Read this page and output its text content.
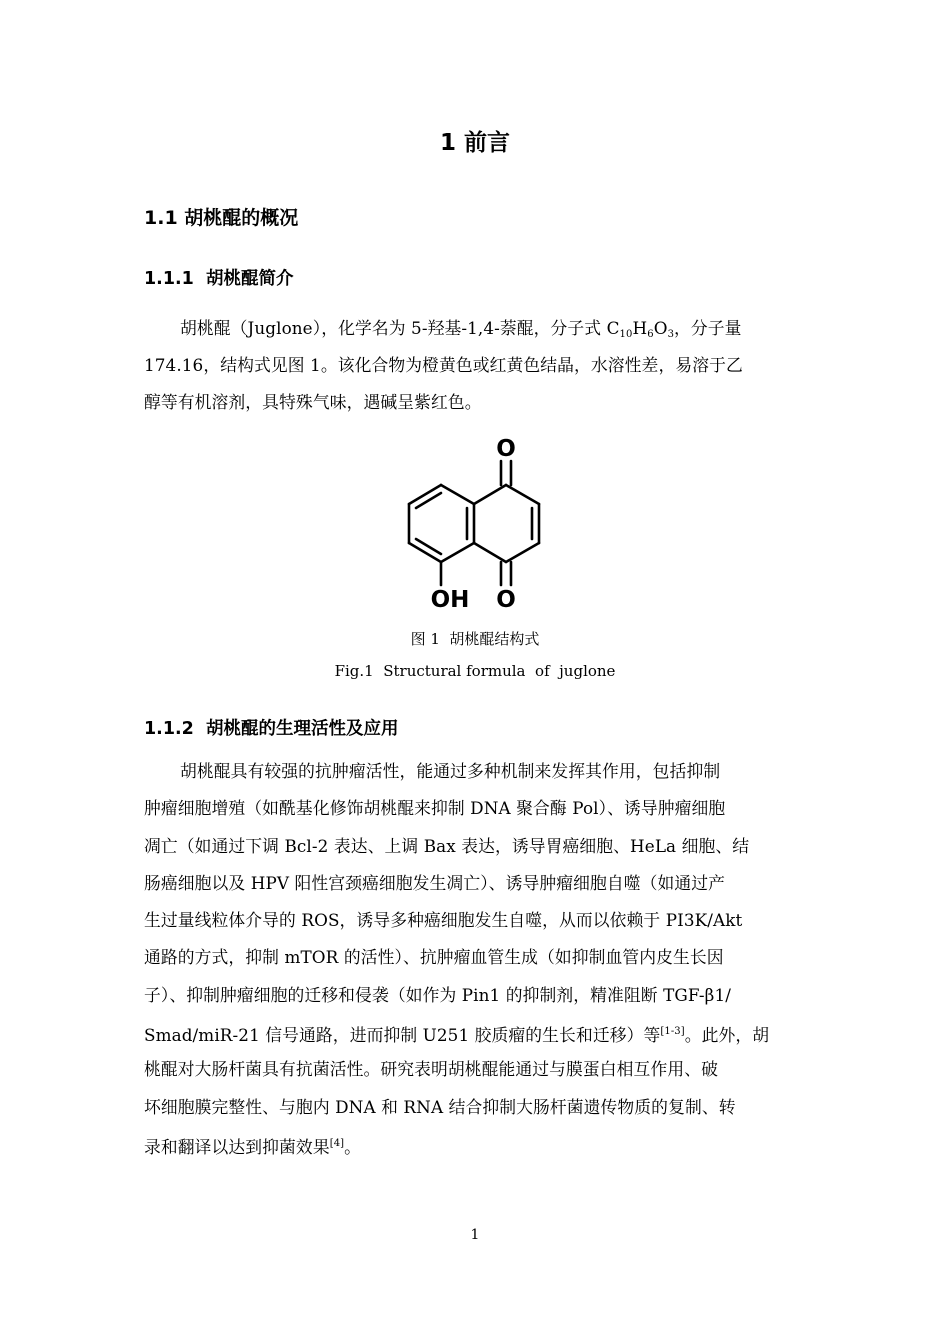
1 前言
1.1 胡桃醌的概况
1.1.1  胡桃醌简介
胡桃醌（Juglone），化学名为 5-羟基-1,4-萘醌，分子式 $C_{10}H_6O_3$，分子量
174.16，结构式见图 1。该化合物为橙黄色或红黄色结晶，水溶性差，易溶于乙
醇等有机溶剂，具特殊气味，遇碱呈紫红色。
O
OH O
图 1  胡桃醌结构式
Fig.1  Structural formula  of  juglone
1.1.2  胡桃醌的生理活性及应用
胡桃醌具有较强的抗肿瘤活性，能通过多种机制来发挥其作用，包括抑制
肿瘤细胞增殖（如酰基化修饰胡桃醌来抑制 DNA 聚合酶 Pol）、诱导肿瘤细胞
凋亡（如通过下调 Bcl-2 表达、上调 Bax 表达，诱导胃癌细胞、HeLa 细胞、结
肠癌细胞以及 HPV 阳性宫颈癌细胞发生凋亡）、诱导肿瘤细胞自噬（如通过产
生过量线粒体介导的 ROS，诱导多种癌细胞发生自噬，从而以依赖于 PI3K/Akt
通路的方式，抑制 mTOR 的活性）、抗肿瘤血管生成（如抑制血管内皮生长因
子）、抑制肿瘤细胞的迁移和侵袭（如作为 Pin1 的抑制剂，精准阻断 TGF-β1/
Smad/miR-21 信号通路，进而抑制 U251 胶质瘤的生长和迁移）等[1-3]。此外，胡
桃醌对大肠杆菌具有抗菌活性。研究表明胡桃醌能通过与膜蛋白相互作用、破
坏细胞膜完整性、与胞内 DNA 和 RNA 结合抑制大肠杆菌遗传物质的复制、转
录和翻译以达到抑菌效果[4]。
1
